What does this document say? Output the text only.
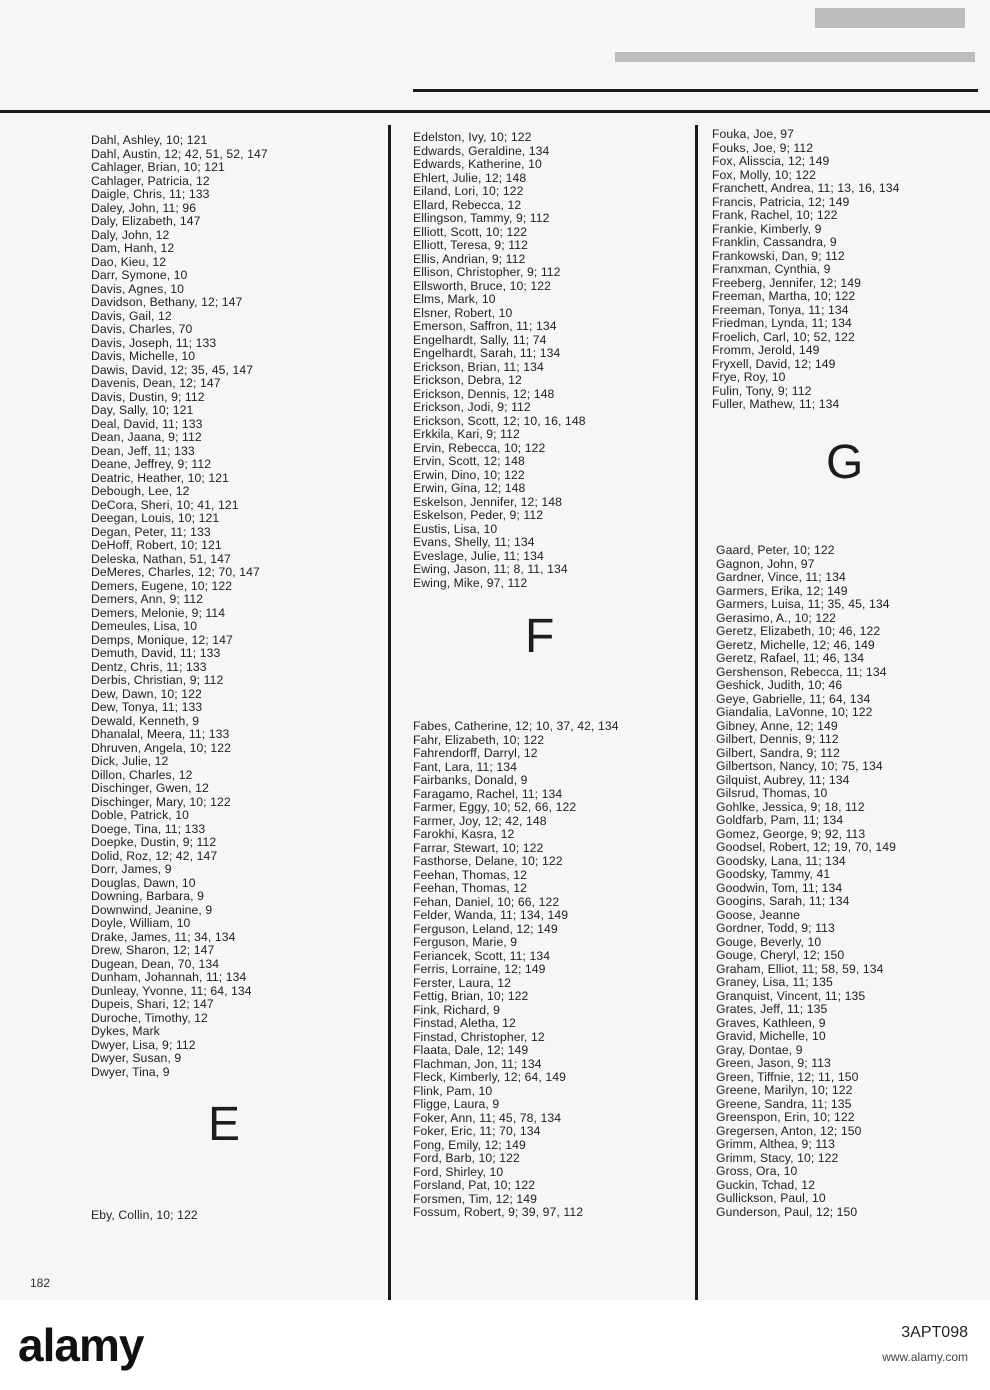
Dahl, Ashley, 10; 121
Dahl, Austin, 12; 42, 51, 52, 147
Cahlager, Brian, 10; 121
Cahlager, Patricia, 12
Daigle, Chris, 11; 133
Daley, John, 11; 96
Daly, Elizabeth, 147
Daly, John, 12
Dam, Hanh, 12
Dao, Kieu, 12
Darr, Symone, 10
Davis, Agnes, 10
Davidson, Bethany, 12; 147
Davis, Gail, 12
Davis, Charles, 70
Davis, Joseph, 11; 133
Davis, Michelle, 10
Dawis, David, 12; 35, 45, 147
Davenis, Dean, 12; 147
Davis, Dustin, 9; 112
Day, Sally, 10; 121
Deal, David, 11; 133
Dean, Jaana, 9; 112
Dean, Jeff, 11; 133
Deane, Jeffrey, 9; 112
Deatric, Heather, 10; 121
Debough, Lee, 12
DeCora, Sheri, 10; 41, 121
Deegan, Louis, 10; 121
Degan, Peter, 11; 133
DeHoff, Robert, 10; 121
Deleska, Nathan, 51, 147
DeMeres, Charles, 12; 70, 147
Demers, Eugene, 10; 122
Demers, Ann, 9; 112
Demers, Melonie, 9; 114
Demeules, Lisa, 10
Demps, Monique, 12; 147
Demuth, David, 11; 133
Dentz, Chris, 11; 133
Derbis, Christian, 9; 112
Dew, Dawn, 10; 122
Dew, Tonya, 11; 133
Dewald, Kenneth, 9
Dhanalal, Meera, 11; 133
Dhruven, Angela, 10; 122
Dick, Julie, 12
Dillon, Charles, 12
Dischinger, Gwen, 12
Dischinger, Mary, 10; 122
Doble, Patrick, 10
Doege, Tina, 11; 133
Doepke, Dustin, 9; 112
Dolid, Roz, 12; 42, 147
Dorr, James, 9
Douglas, Dawn, 10
Downing, Barbara, 9
Downwind, Jeanine, 9
Doyle, William, 10
Drake, James, 11; 34, 134
Drew, Sharon, 12; 147
Dugean, Dean, 70, 134
Dunham, Johannah, 11; 134
Dunleay, Yvonne, 11; 64, 134
Dupeis, Shari, 12; 147
Duroche, Timothy, 12
Dykes, Mark
Dwyer, Lisa, 9; 112
Dwyer, Susan, 9
Dwyer, Tina, 9
E
Eby, Collin, 10; 122
Edelston, Ivy, 10; 122
Edwards, Geraldine, 134
Edwards, Katherine, 10
Ehlert, Julie, 12; 148
Eiland, Lori, 10; 122
Ellard, Rebecca, 12
Ellingson, Tammy, 9; 112
Elliott, Scott, 10; 122
Elliott, Teresa, 9; 112
Ellis, Andrian, 9; 112
Ellison, Christopher, 9; 112
Ellsworth, Bruce, 10; 122
Elms, Mark, 10
Elsner, Robert, 10
Emerson, Saffron, 11; 134
Engelhardt, Sally, 11; 74
Engelhardt, Sarah, 11; 134
Erickson, Brian, 11; 134
Erickson, Debra, 12
Erickson, Dennis, 12; 148
Erickson, Jodi, 9; 112
Erickson, Scott, 12; 10, 16, 148
Erkkila, Kari, 9; 112
Ervin, Rebecca, 10; 122
Ervin, Scott, 12; 148
Erwin, Dino, 10; 122
Erwin, Gina, 12; 148
Eskelson, Jennifer, 12; 148
Eskelson, Peder, 9; 112
Eustis, Lisa, 10
Evans, Shelly, 11; 134
Eveslage, Julie, 11; 134
Ewing, Jason, 11; 8, 11, 134
Ewing, Mike, 97, 112
F
Fabes, Catherine, 12; 10, 37, 42, 134
Fahr, Elizabeth, 10; 122
Fahrendorff, Darryl, 12
Fant, Lara, 11; 134
Fairbanks, Donald, 9
Faragamo, Rachel, 11; 134
Farmer, Eggy, 10; 52, 66, 122
Farmer, Joy, 12; 42, 148
Farokhi, Kasra, 12
Farrar, Stewart, 10; 122
Fasthorse, Delane, 10; 122
Feehan, Thomas, 12
Feehan, Thomas, 12
Fehan, Daniel, 10; 66, 122
Felder, Wanda, 11; 134, 149
Ferguson, Leland, 12; 149
Ferguson, Marie, 9
Feriancek, Scott, 11; 134
Ferris, Lorraine, 12; 149
Ferster, Laura, 12
Fettig, Brian, 10; 122
Fink, Richard, 9
Finstad, Aletha, 12
Finstad, Christopher, 12
Flaata, Dale, 12; 149
Flachman, Jon, 11; 134
Fleck, Kimberly, 12; 64, 149
Flink, Pam, 10
Fligge, Laura, 9
Foker, Ann, 11; 45, 78, 134
Foker, Eric, 11; 70, 134
Fong, Emily, 12; 149
Ford, Barb, 10; 122
Ford, Shirley, 10
Forsland, Pat, 10; 122
Forsmen, Tim, 12; 149
Fossum, Robert, 9; 39, 97, 112
Fouka, Joe, 97
Fouks, Joe, 9; 112
Fox, Alisscia, 12; 149
Fox, Molly, 10; 122
Franchett, Andrea, 11; 13, 16, 134
Francis, Patricia, 12; 149
Frank, Rachel, 10; 122
Frankie, Kimberly, 9
Franklin, Cassandra, 9
Frankowski, Dan, 9; 112
Franxman, Cynthia, 9
Freeberg, Jennifer, 12; 149
Freeman, Martha, 10; 122
Freeman, Tonya, 11; 134
Friedman, Lynda, 11; 134
Froelich, Carl, 10; 52, 122
Fromm, Jerold, 149
Fryxell, David, 12; 149
Frye, Roy, 10
Fulin, Tony, 9; 112
Fuller, Mathew, 11; 134
G
Gaard, Peter, 10; 122
Gagnon, John, 97
Gardner, Vince, 11; 134
Garmers, Erika, 12; 149
Garmers, Luisa, 11; 35, 45, 134
Gerasimo, A., 10; 122
Geretz, Elizabeth, 10; 46, 122
Geretz, Michelle, 12; 46, 149
Geretz, Rafael, 11; 46, 134
Gershenson, Rebecca, 11; 134
Geshick, Judith, 10; 46
Geye, Gabrielle, 11; 64, 134
Giandalia, LaVonne, 10; 122
Gibney, Anne, 12; 149
Gilbert, Dennis, 9; 112
Gilbert, Sandra, 9; 112
Gilbertson, Nancy, 10; 75, 134
Gilquist, Aubrey, 11; 134
Gilsrud, Thomas, 10
Gohlke, Jessica, 9; 18, 112
Goldfarb, Pam, 11; 134
Gomez, George, 9; 92, 113
Goodsel, Robert, 12; 19, 70, 149
Goodsky, Lana, 11; 134
Goodsky, Tammy, 41
Goodwin, Tom, 11; 134
Googins, Sarah, 11; 134
Goose, Jeanne
Gordner, Todd, 9; 113
Gouge, Beverly, 10
Gouge, Cheryl, 12; 150
Graham, Elliot, 11; 58, 59, 134
Graney, Lisa, 11; 135
Granquist, Vincent, 11; 135
Grates, Jeff, 11; 135
Graves, Kathleen, 9
Gravid, Michelle, 10
Gray, Dontae, 9
Green, Jason, 9; 113
Green, Tiffnie, 12; 11, 150
Greene, Marilyn, 10; 122
Greene, Sandra, 11; 135
Greenspon, Erin, 10; 122
Gregersen, Anton, 12; 150
Grimm, Althea, 9; 113
Grimm, Stacy, 10; 122
Gross, Ora, 10
Guckin, Tchad, 12
Gullickson, Paul, 10
Gunderson, Paul, 12; 150
182
alamy	3APT098
www.alamy.com
